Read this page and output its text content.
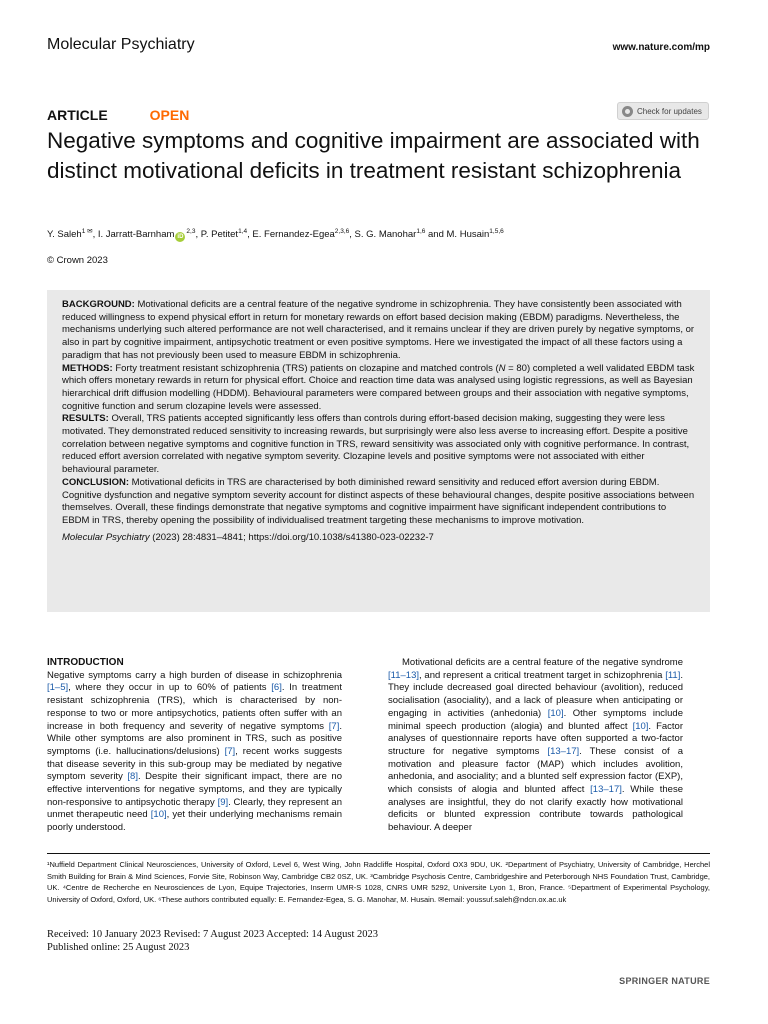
Molecular Psychiatry	www.nature.com/mp
ARTICLE	OPEN	Check for updates
Negative symptoms and cognitive impairment are associated with distinct motivational deficits in treatment resistant schizophrenia
Y. Saleh$^{1 ✉}$, I. Jarratt-Barnham iD$^{2,3}$, P. Petitet$^{1,4}$, E. Fernandez-Egea$^{2,3,6}$, S. G. Manohar$^{1,6}$ and M. Husain$^{1,5,6}$
© Crown 2023

BACKGROUND: Motivational deficits are a central feature of the negative syndrome in schizophrenia. They have consistently been associated with reduced willingness to expend physical effort in return for monetary rewards on effort based decision making (EBDM) paradigms. Nevertheless, the mechanisms underlying such altered performance are not well characterised, and it remains unclear if they are driven purely by negative symptoms, or also in part by cognitive impairment, antipsychotic treatment or even positive symptoms. Here we investigated the impact of all these factors using a paradigm that has not previously been used to measure EBDM in schizophrenia.

METHODS: Forty treatment resistant schizophrenia (TRS) patients on clozapine and matched controls (N = 80) completed a well validated EBDM task which offers monetary rewards in return for physical effort. Choice and reaction time data was analysed using logistic regressions, as well as Bayesian hierarchical drift diffusion modelling (HDDM). Behavioural parameters were compared between groups and their association with negative symptoms, cognitive function and serum clozapine levels were assessed.

RESULTS: Overall, TRS patients accepted significantly less offers than controls during effort-based decision making, suggesting they were less motivated. They demonstrated reduced sensitivity to increasing rewards, but surprisingly were also less averse to increasing effort. Despite a positive correlation between negative symptoms and cognitive function in TRS, reward sensitivity was associated only with cognitive performance. In contrast, reduced effort aversion correlated with negative symptom severity. Clozapine levels and positive symptoms were not associated with either behavioural parameter.

CONCLUSION: Motivational deficits in TRS are characterised by both diminished reward sensitivity and reduced effort aversion during EBDM. Cognitive dysfunction and negative symptom severity account for distinct aspects of these behavioural changes, despite positive associations between themselves. Overall, these findings demonstrate that negative symptoms and cognitive impairment have significant independent contributions to EBDM in TRS, thereby opening the possibility of individualised treatment targeting these mechanisms to improve motivation.

Molecular Psychiatry (2023) 28:4831–4841; https://doi.org/10.1038/s41380-023-02232-7

INTRODUCTION

Negative symptoms carry a high burden of disease in schizophrenia [1–5], where they occur in up to 60% of patients [6]. In treatment resistant schizophrenia (TRS), which is characterised by non-response to two or more antipsychotics, patients often suffer with an increase in both frequency and severity of negative symptoms [7]. While other symptoms are also prominent in TRS, such as positive symptoms (i.e. hallucinations/delusions) [7], recent works suggests that disease severity in this sub-group may be mediated by negative symptom severity [8]. Despite their significant impact, there are no effective interventions for negative symptoms, and they are typically non-responsive to antipsychotic therapy [9]. Clearly, they represent an unmet therapeutic need [10], yet their underlying mechanisms remain poorly understood.

Motivational deficits are a central feature of the negative syndrome [11–13], and represent a critical treatment target in schizophrenia [11]. They include decreased goal directed behaviour (avolition), reduced socialisation (asociality), and a lack of pleasure when anticipating or engaging in activities (anhedonia) [10]. Other symptoms include minimal speech production (alogia) and blunted affect [10]. Factor analyses of questionnaire reports have often supported a two-factor structure for negative symptoms [13–17]. These consist of a motivation and pleasure factor (MAP) which includes avolition, anhedonia, and asociality; and a blunted self expression factor (EXP), which consists of alogia and blunted affect [13–17]. While these analyses are insightful, they do not clarify exactly how motivational deficits or blunted expression contribute towards pathological behaviour. A deeper

¹Nuffield Department Clinical Neurosciences, University of Oxford, Level 6, West Wing, John Radcliffe Hospital, Oxford OX3 9DU, UK. ²Department of Psychiatry, University of Cambridge, Herchel Smith Building for Brain & Mind Sciences, Forvie Site, Robinson Way, Cambridge CB2 0SZ, UK. ³Cambridge Psychosis Centre, Cambridgeshire and Peterborough NHS Foundation Trust, Cambridge, UK. ⁴Centre de Recherche en Neurosciences de Lyon, Equipe Trajectories, Inserm UMR-S 1028, CNRS UMR 5292, Universite Lyon 1, Bron, France. ⁵Department of Experimental Psychology, University of Oxford, Oxford, UK. ⁶These authors contributed equally: E. Fernandez-Egea, S. G. Manohar, M. Husain. ✉email: youssuf.saleh@ndcn.ox.ac.uk
Received: 10 January 2023 Revised: 7 August 2023 Accepted: 14 August 2023
Published online: 25 August 2023
SPRINGER NATURE
